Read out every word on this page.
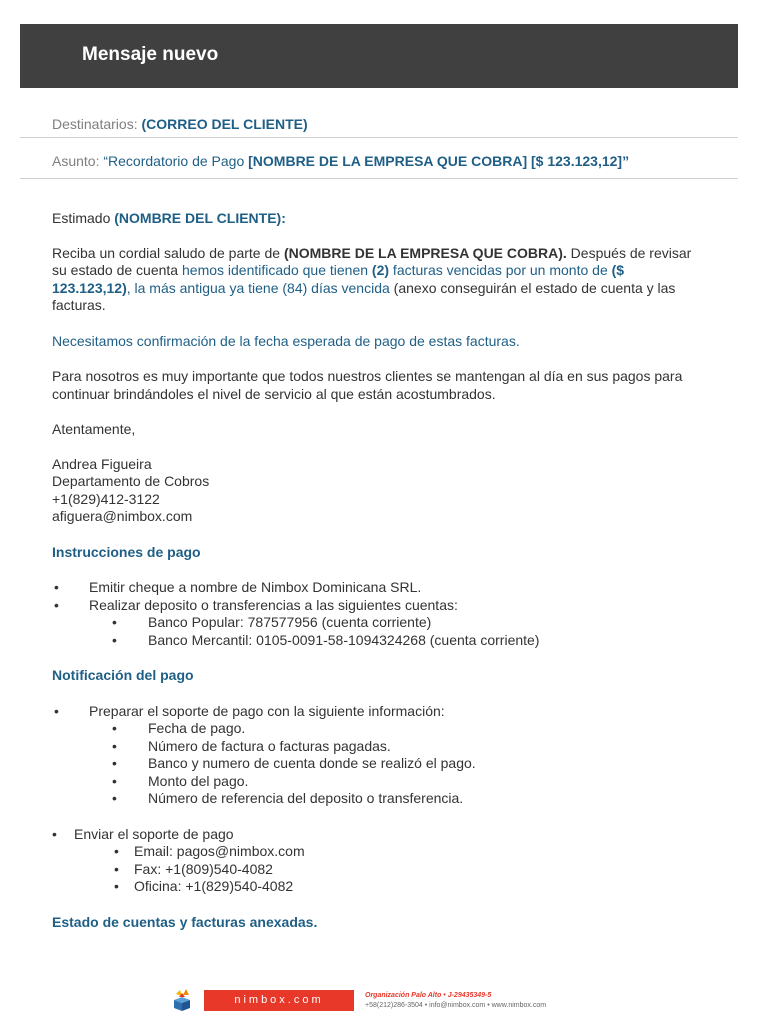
Mensaje nuevo
Destinatarios: (CORREO DEL CLIENTE)
Asunto: “Recordatorio de Pago [NOMBRE DE LA EMPRESA QUE COBRA] [$ 123.123,12]”

Estimado (NOMBRE DEL CLIENTE):

Reciba un cordial saludo de parte de (NOMBRE DE LA EMPRESA QUE COBRA). Después de revisar su estado de cuenta hemos identificado que tienen (2) facturas vencidas por un monto de ($ 123.123,12), la más antigua ya tiene (84) días vencida (anexo conseguirán el estado de cuenta y las facturas.

Necesitamos confirmación de la fecha esperada de pago de estas facturas.

Para nosotros es muy importante que todos nuestros clientes se mantengan al día en sus pagos para continuar brindándoles el nivel de servicio al que están acostumbrados.

Atentamente,

Andrea Figueira
Departamento de Cobros
+1(829)412-3122
afiguera@nimbox.com
Instrucciones de pago
• Emitir cheque a nombre de Nimbox Dominicana SRL.
• Realizar deposito o transferencias a las siguientes cuentas:
• Banco Popular: 787577956 (cuenta corriente)
• Banco Mercantil: 0105-0091-58-1094324268 (cuenta corriente)
Notificación del pago
• Preparar el soporte de pago con la siguiente información:
• Fecha de pago.
• Número de factura o facturas pagadas.
• Banco y numero de cuenta donde se realizó el pago.
• Monto del pago.
• Número de referencia del deposito o transferencia.
• Enviar el soporte de pago
• Email: pagos@nimbox.com
• Fax: +1(809)540-4082
• Oficina: +1(829)540-4082
Estado de cuentas y facturas anexadas.
nimbox.com	Organización Palo Alto • J-29435349-5
+58(212)286-3504 • info@nimbox.com • www.nimbox.com
